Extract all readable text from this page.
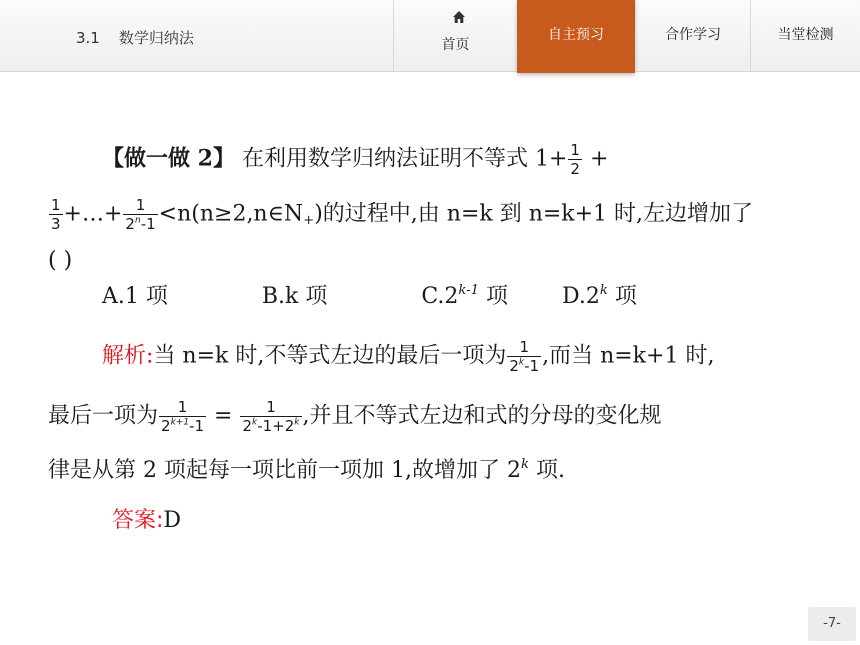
3.1    数学归纳法	首页
自主预习	合作学习	当堂检测
【做一做 2】 在利用数学归纳法证明不等式 $1+ \frac{1}{2}$ +
$\frac{1}{3}$ +…+ $\frac{1}{2^n-1}$ $<n(n\ge 2,n\in N_+)$的过程中,由 n=k 到 n=k+1 时,左边增加了
( )
A.1 项	B.k 项	C.2$^{k-1}$ 项 D.2$^k$ 项
解析:当 n=k 时,不等式左边的最后一项为 $\frac{1}{2^k-1}$ ,而当 n=k+1 时,
最后一项为 $\frac{1}{2^{k+1}-1} = \frac{1}{2^k-1+2^k}$ ,并且不等式左边和式的分母的变化规
律是从第 2 项起每一项比前一项加 1,故增加了 2$^k$ 项.
答案:D
-7-
